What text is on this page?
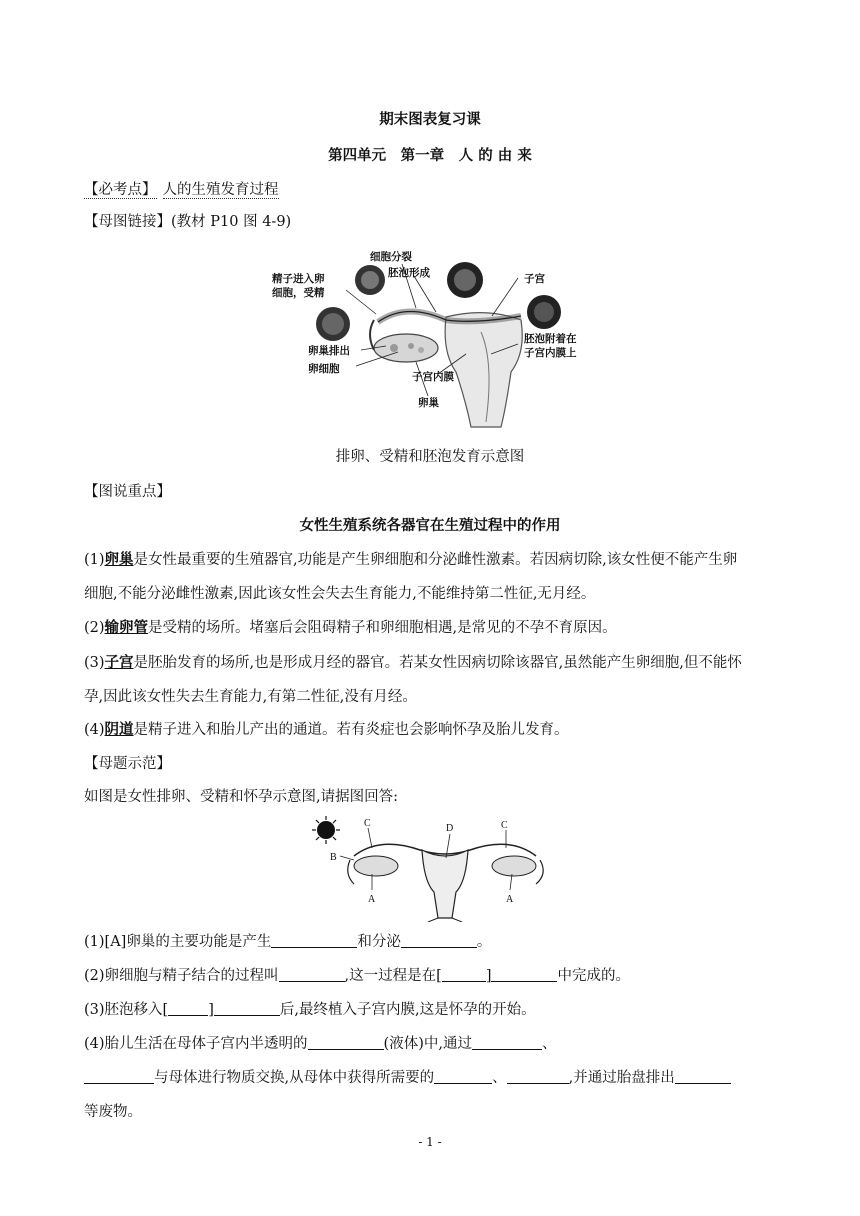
期末图表复习课
第四单元　第一章　人 的 由 来
【必考点】 人的生殖发育过程
【母图链接】(教材 P10 图 4-9)
精子进入卵
细胞，受精
细胞分裂
胚泡形成	子宫
卵巢排出
卵细胞
胚泡附着在
子宫内膜上
子宫内膜
卵巢
排卵、受精和胚泡发育示意图
【图说重点】
女性生殖系统各器官在生殖过程中的作用
(1)卵巢是女性最重要的生殖器官,功能是产生卵细胞和分泌雌性激素。若因病切除,该女性便不能产生卵
细胞,不能分泌雌性激素,因此该女性会失去生育能力,不能维持第二性征,无月经。
(2)输卵管是受精的场所。堵塞后会阻碍精子和卵细胞相遇,是常见的不孕不育原因。
(3)子宫是胚胎发育的场所,也是形成月经的器官。若某女性因病切除该器官,虽然能产生卵细胞,但不能怀
孕,因此该女性失去生育能力,有第二性征,没有月经。
(4)阴道是精子进入和胎儿产出的通道。若有炎症也会影响怀孕及胎儿发育。
【母题示范】
如图是女性排卵、受精和怀孕示意图,请据图回答:
C	D	C
B
A	A
(1)[A]卵巢的主要功能是产生	和分泌	。
(2)卵细胞与精子结合的过程叫	,这一过程是在[	]	中完成的。
(3)胚泡移入[	]	后,最终植入子宫内膜,这是怀孕的开始。
(4)胎儿生活在母体子宫内半透明的	(液体)中,通过	、
与母体进行物质交换,从母体中获得所需要的	、	,并通过胎盘排出
等废物。
- 1 -
